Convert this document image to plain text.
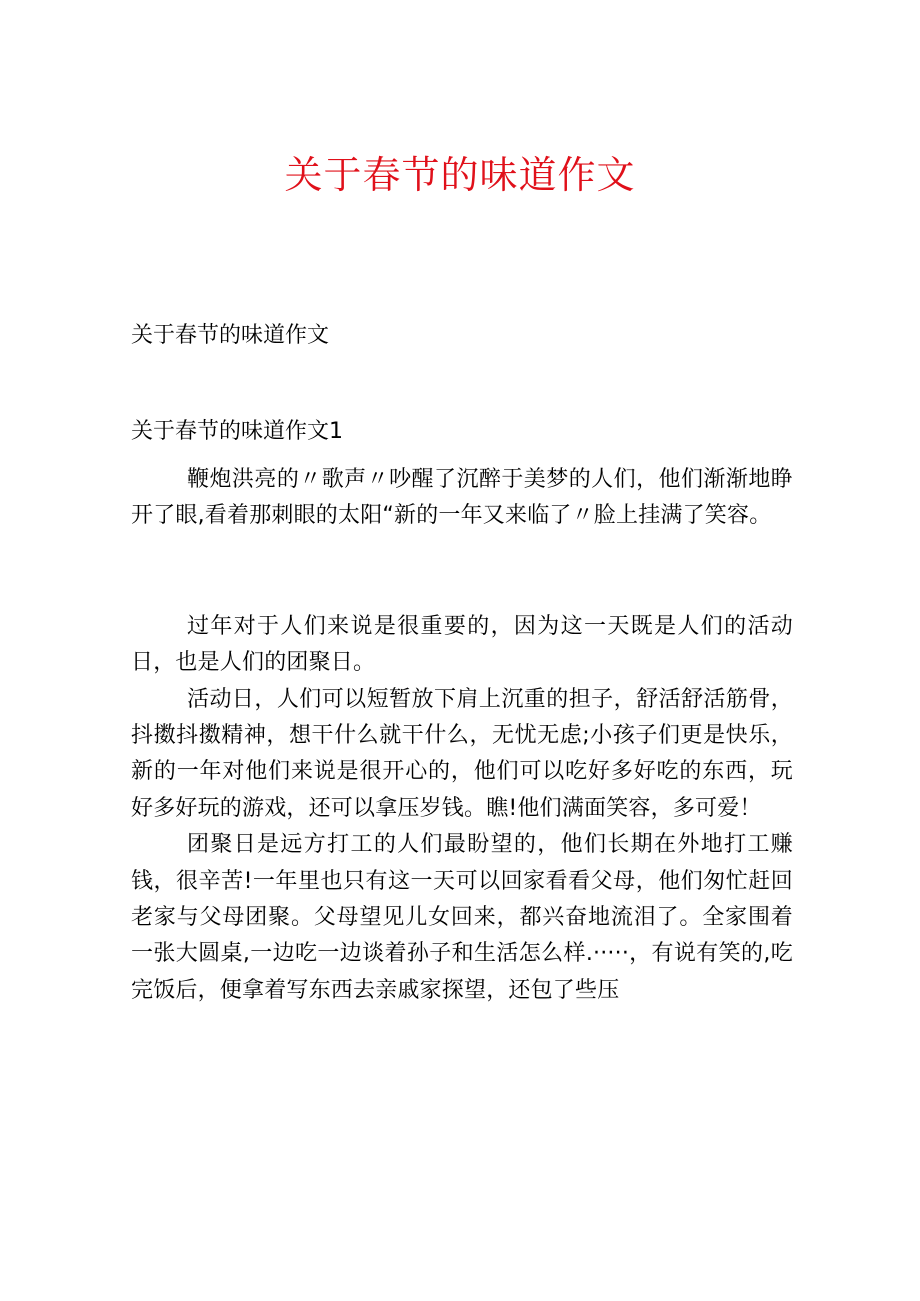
关于春节的味道作文
关于春节的味道作文
关于春节的味道作文1

鞭炮洪亮的〃歌声〃吵醒了沉醉于美梦的人们，他们渐渐地睁开了眼,看着那刺眼的太阳“新的一年又来临了〃脸上挂满了笑容。

过年对于人们来说是很重要的，因为这一天既是人们的活动日，也是人们的团聚日。

活动日，人们可以短暂放下肩上沉重的担子，舒活舒活筋骨，抖擞抖擞精神，想干什么就干什么，无忧无虑;小孩子们更是快乐，新的一年对他们来说是很开心的，他们可以吃好多好吃的东西，玩好多好玩的游戏，还可以拿压岁钱。瞧!他们满面笑容，多可爱！

团聚日是远方打工的人们最盼望的，他们长期在外地打工赚钱，很辛苦!一年里也只有这一天可以回家看看父母，他们匆忙赶回老家与父母团聚。父母望见儿女回来，都兴奋地流泪了。全家围着一张大圆桌,一边吃一边谈着孙子和生活怎么样.·····，有说有笑的,吃完饭后，便拿着写东西去亲戚家探望，还包了些压
